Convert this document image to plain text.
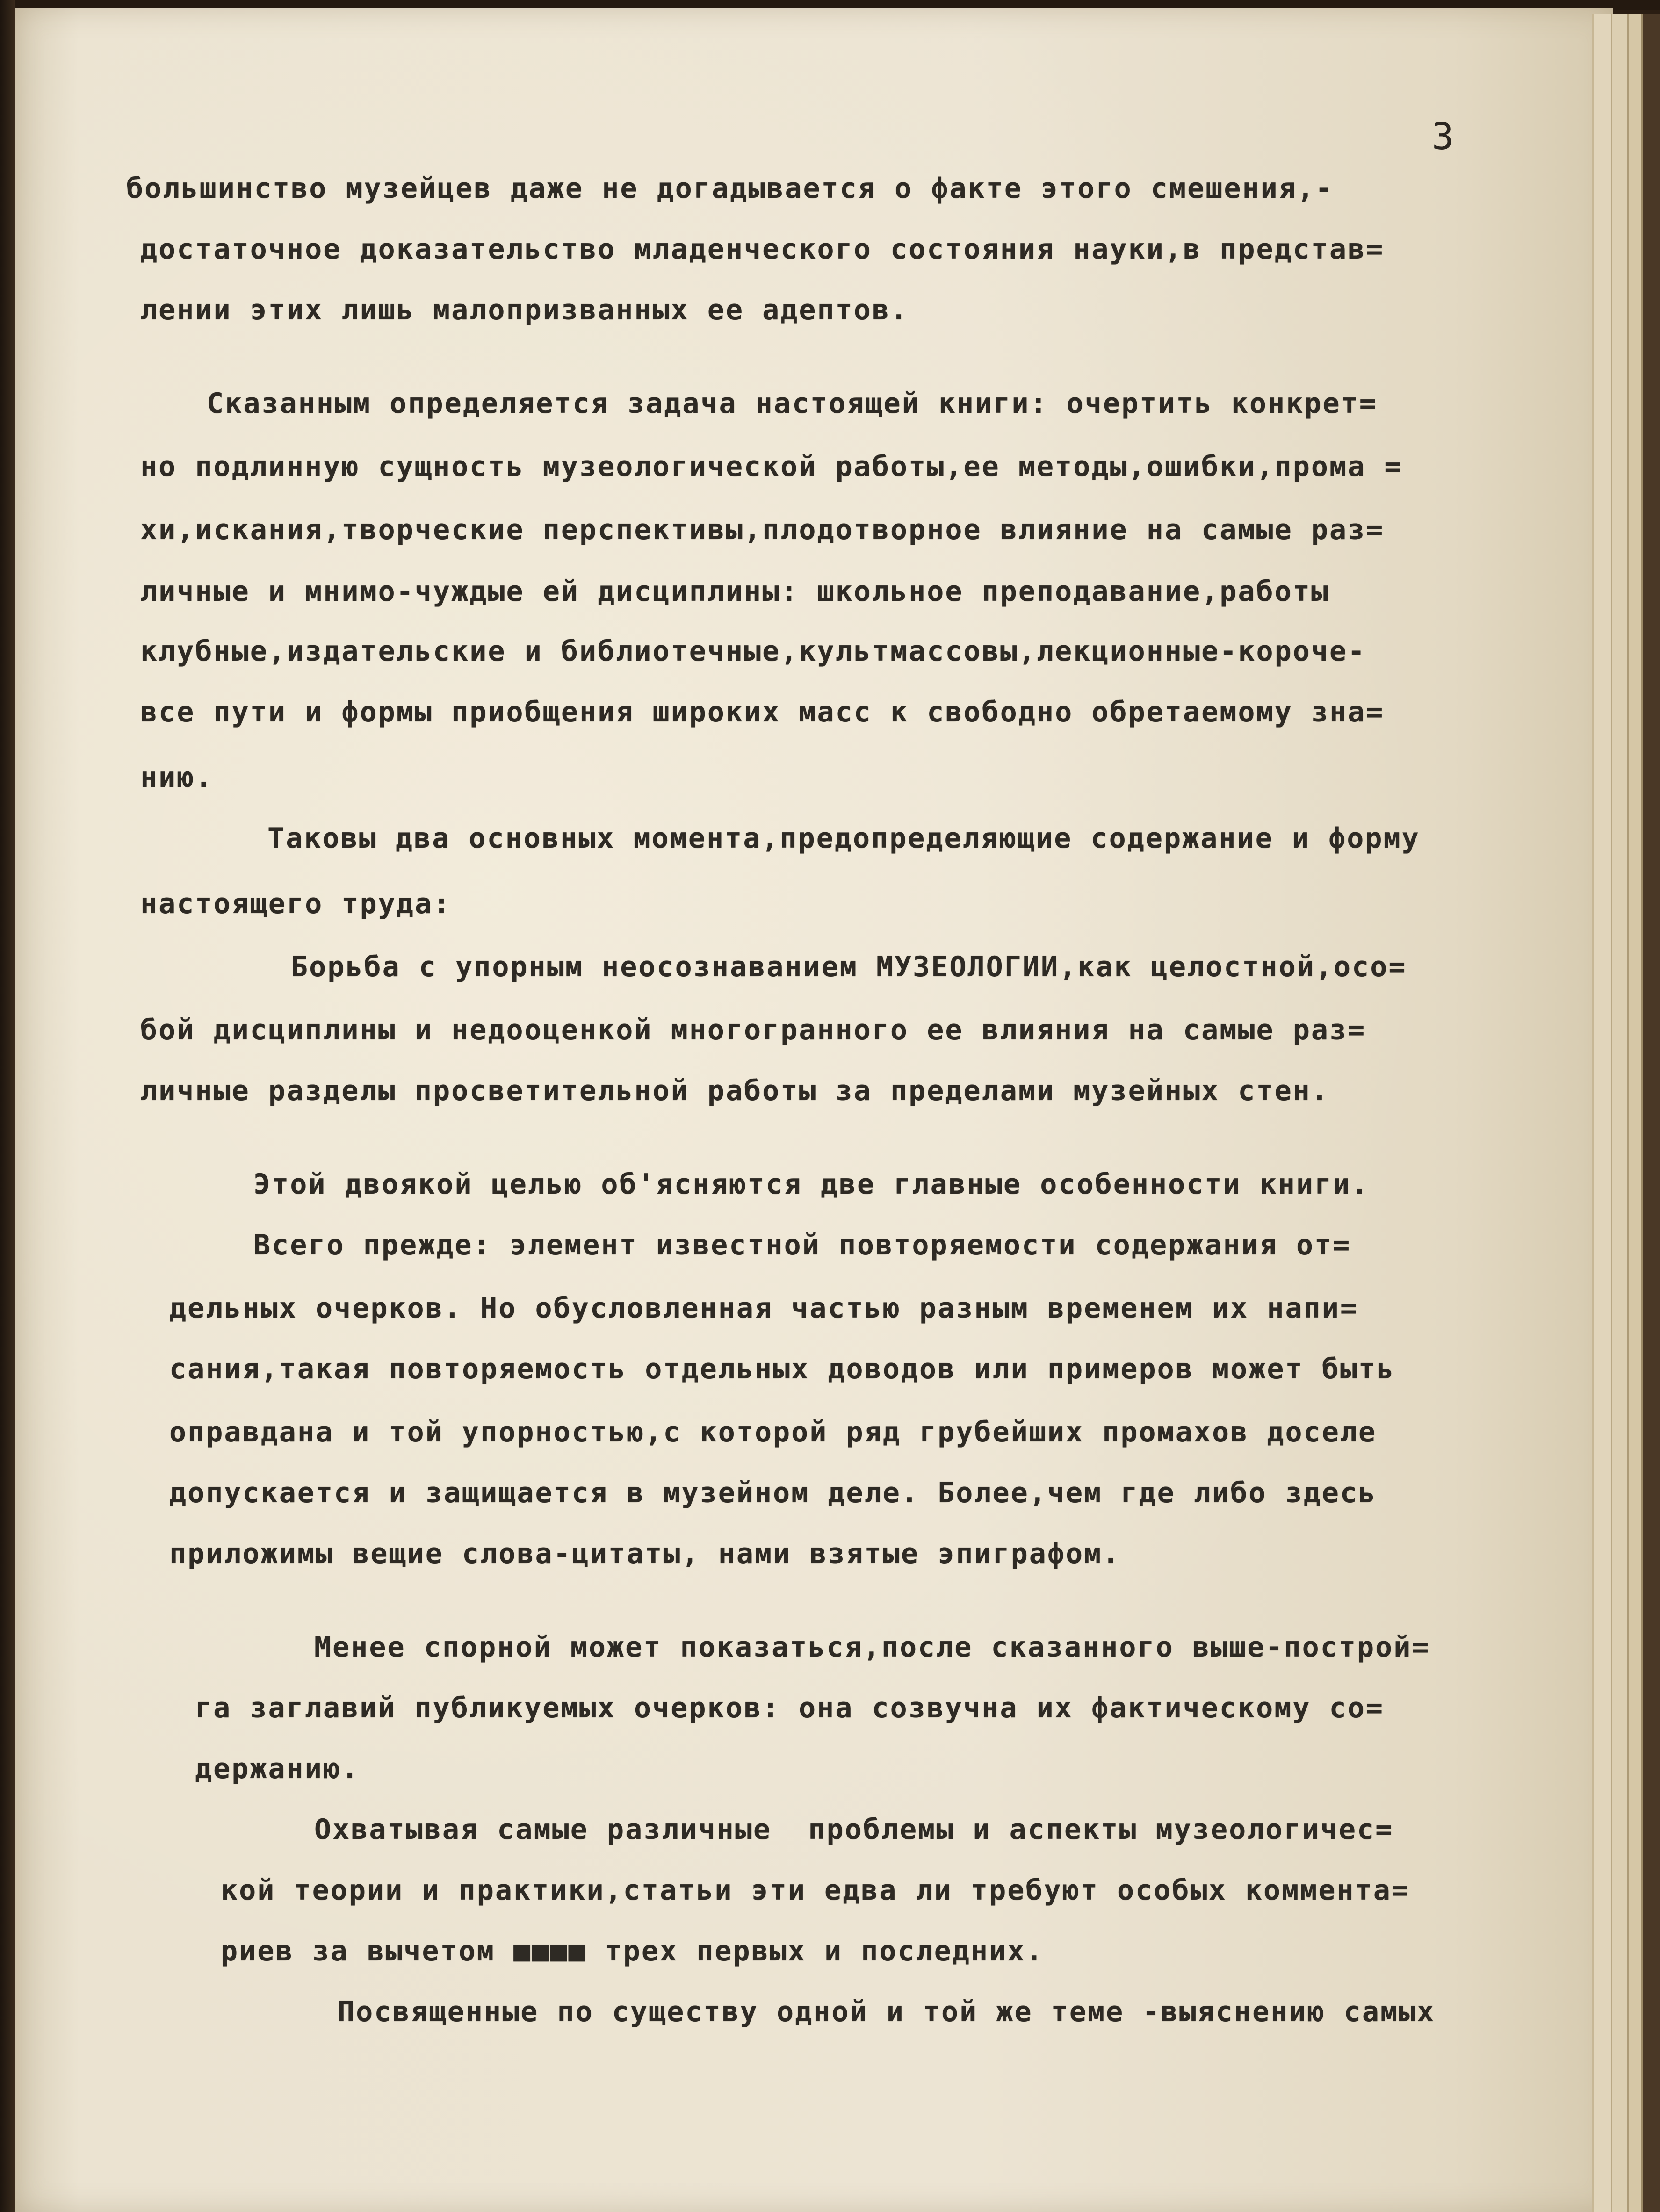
3
большинство музейцев даже не догадывается о факте этого смешения,-
достаточное доказательство младенческого состояния науки,в представ=
лении этих лишь малопризванных ее адептов.
Сказанным определяется задача настоящей книги: очертить конкрет=
но подлинную сущность музеологической работы,ее методы,ошибки,прома =
хи,искания,творческие перспективы,плодотворное влияние на самые раз=
личные и мнимо-чуждые ей дисциплины: школьное преподавание,работы
клубные,издательские и библиотечные,культмассовы,лекционные-короче-
все пути и формы приобщения широких масс к свободно обретаемому зна=
нию.
Таковы два основных момента,предопределяющие содержание и форму
настоящего труда:
Борьба с упорным неосознаванием МУЗЕОЛОГИИ,как целостной,осо=
бой дисциплины и недооценкой многогранного ее влияния на самые раз=
личные разделы просветительной работы за пределами музейных стен.
Этой двоякой целью об'ясняются две главные особенности книги.
Всего прежде: элемент известной повторяемости содержания от=
дельных очерков. Но обусловленная частью разным временем их напи=
сания,такая повторяемость отдельных доводов или примеров может быть
оправдана и той упорностью,с которой ряд грубейших промахов доселе
допускается и защищается в музейном деле. Более,чем где либо здесь
приложимы вещие слова-цитаты, нами взятые эпиграфом.
Менее спорной может показаться,после сказанного выше-построй=
га заглавий публикуемых очерков: она созвучна их фактическому со=
держанию.
Охватывая самые различные  проблемы и аспекты музеологичес=
кой теории и практики,статьи эти едва ли требуют особых коммента=
риев за вычетом ■■■■ трех первых и последних.
Посвященные по существу одной и той же теме -выяснению самых
